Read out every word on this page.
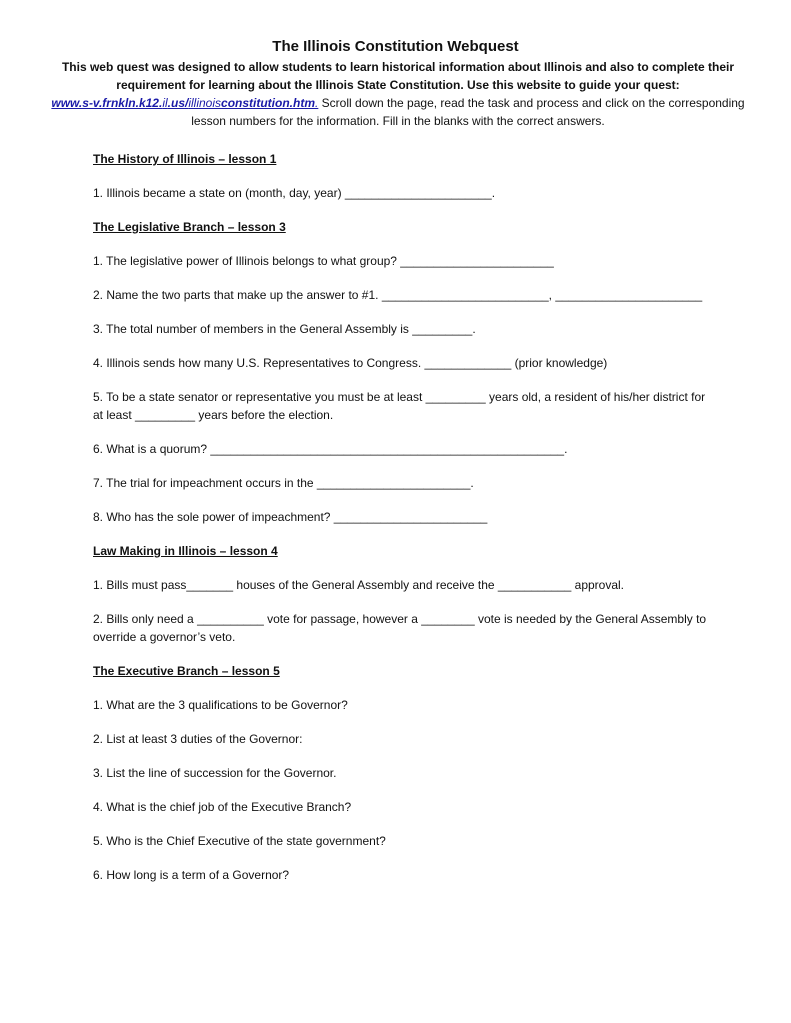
The Illinois Constitution Webquest
This web quest was designed to allow students to learn historical information about Illinois and also to complete their requirement for learning about the Illinois State Constitution. Use this website to guide your quest:
www.s-v.frnkln.k12.il.us/illinoisconstitution.htm. Scroll down the page, read the task and process and click on the corresponding lesson numbers for the information. Fill in the blanks with the correct answers.

The History of Illinois – lesson 1

1. Illinois became a state on (month, day, year) ______________________.

The Legislative Branch – lesson 3

1. The legislative power of Illinois belongs to what group? _______________________

2. Name the two parts that make up the answer to #1. _________________________, ______________________

3. The total number of members in the General Assembly is _________.

4. Illinois sends how many U.S. Representatives to Congress. _____________ (prior knowledge)

5. To be a state senator or representative you must be at least _________ years old, a resident of his/her district for at least _________ years before the election.

6. What is a quorum? _____________________________________________________.

7. The trial for impeachment occurs in the _______________________.

8. Who has the sole power of impeachment? _______________________

Law Making in Illinois – lesson 4

1. Bills must pass_______ houses of the General Assembly and receive the ___________ approval.

2. Bills only need a __________ vote for passage, however a ________ vote is needed by the General Assembly to override a governor’s veto.

The Executive Branch – lesson 5

1. What are the 3 qualifications to be Governor?

2. List at least 3 duties of the Governor:

3. List the line of succession for the Governor.

4. What is the chief job of the Executive Branch?

5. Who is the Chief Executive of the state government?

6. How long is a term of a Governor?
